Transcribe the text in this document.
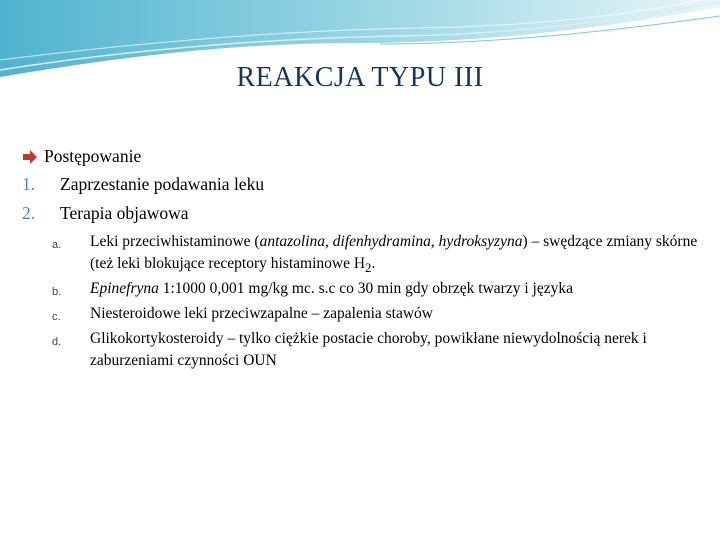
REAKCJA TYPU III
Postępowanie
1. Zaprzestanie podawania leku
2. Terapia objawowa
a. Leki przeciwhistaminowe (antazolina, difenhydramina, hydroksyzyna) – swędzące zmiany skórne (też leki blokujące receptory histaminowe $H_2$.
b. Epinefryna 1:1000 0,001 mg/kg mc. s.c co 30 min gdy obrzęk twarzy i języka
c. Niesteroidowe leki przeciwzapalne – zapalenia stawów
d. Glikokortykosteroidy – tylko ciężkie postacie choroby, powikłane niewydolnością nerek i zaburzeniami czynności OUN
